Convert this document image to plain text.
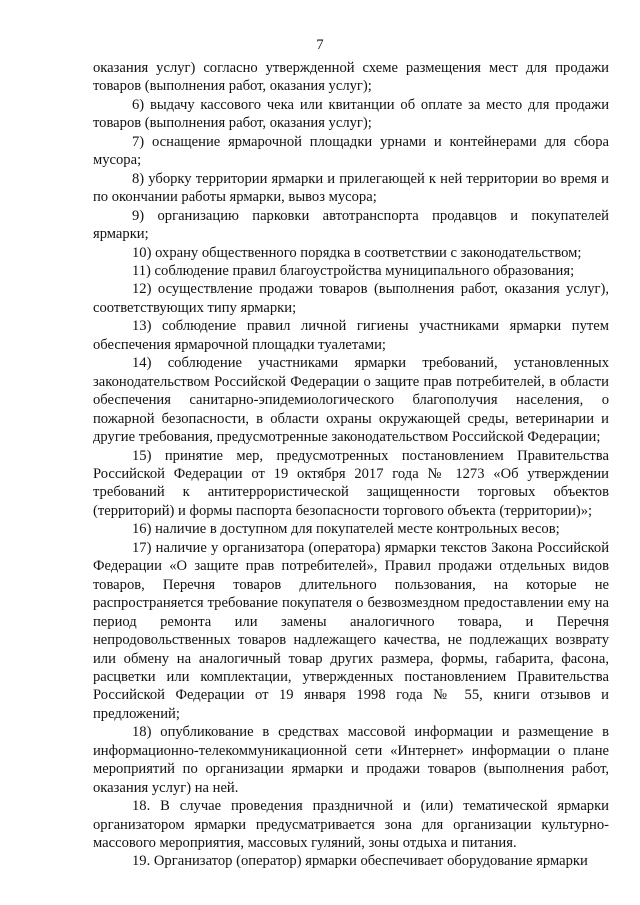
7

оказания услуг) согласно утвержденной схеме размещения мест для продажи товаров (выполнения работ, оказания услуг);

6) выдачу кассового чека или квитанции об оплате за место для продажи товаров (выполнения работ, оказания услуг);

7) оснащение ярмарочной площадки урнами и контейнерами для сбора мусора;

8) уборку территории ярмарки и прилегающей к ней территории во время и по окончании работы ярмарки, вывоз мусора;

9) организацию парковки автотранспорта продавцов и покупателей ярмарки;

10) охрану общественного порядка в соответствии с законодательством;

11) соблюдение правил благоустройства муниципального образования;

12) осуществление продажи товаров (выполнения работ, оказания услуг), соответствующих типу ярмарки;

13) соблюдение правил личной гигиены участниками ярмарки путем обеспечения ярмарочной площадки туалетами;

14) соблюдение участниками ярмарки требований, установленных законодательством Российской Федерации о защите прав потребителей, в области обеспечения санитарно-эпидемиологического благополучия населения, о пожарной безопасности, в области охраны окружающей среды, ветеринарии и другие требования, предусмотренные законодательством Российской Федерации;

15) принятие мер, предусмотренных постановлением Правительства Российской Федерации от 19 октября 2017 года № 1273 «Об утверждении требований к антитеррористической защищенности торговых объектов (территорий) и формы паспорта безопасности торгового объекта (территории)»;

16) наличие в доступном для покупателей месте контрольных весов;

17) наличие у организатора (оператора) ярмарки текстов Закона Российской Федерации «О защите прав потребителей», Правил продажи отдельных видов товаров, Перечня товаров длительного пользования, на которые не распространяется требование покупателя о безвозмездном предоставлении ему на период ремонта или замены аналогичного товара, и Перечня непродовольственных товаров надлежащего качества, не подлежащих возврату или обмену на аналогичный товар других размера, формы, габарита, фасона, расцветки или комплектации, утвержденных постановлением Правительства Российской Федерации от 19 января 1998 года № 55, книги отзывов и предложений;

18) опубликование в средствах массовой информации и размещение в информационно-телекоммуникационной сети «Интернет» информации о плане мероприятий по организации ярмарки и продажи товаров (выполнения работ, оказания услуг) на ней.

18. В случае проведения праздничной и (или) тематической ярмарки организатором ярмарки предусматривается зона для организации культурно-массового мероприятия, массовых гуляний, зоны отдыха и питания.

19. Организатор (оператор) ярмарки обеспечивает оборудование ярмарки
